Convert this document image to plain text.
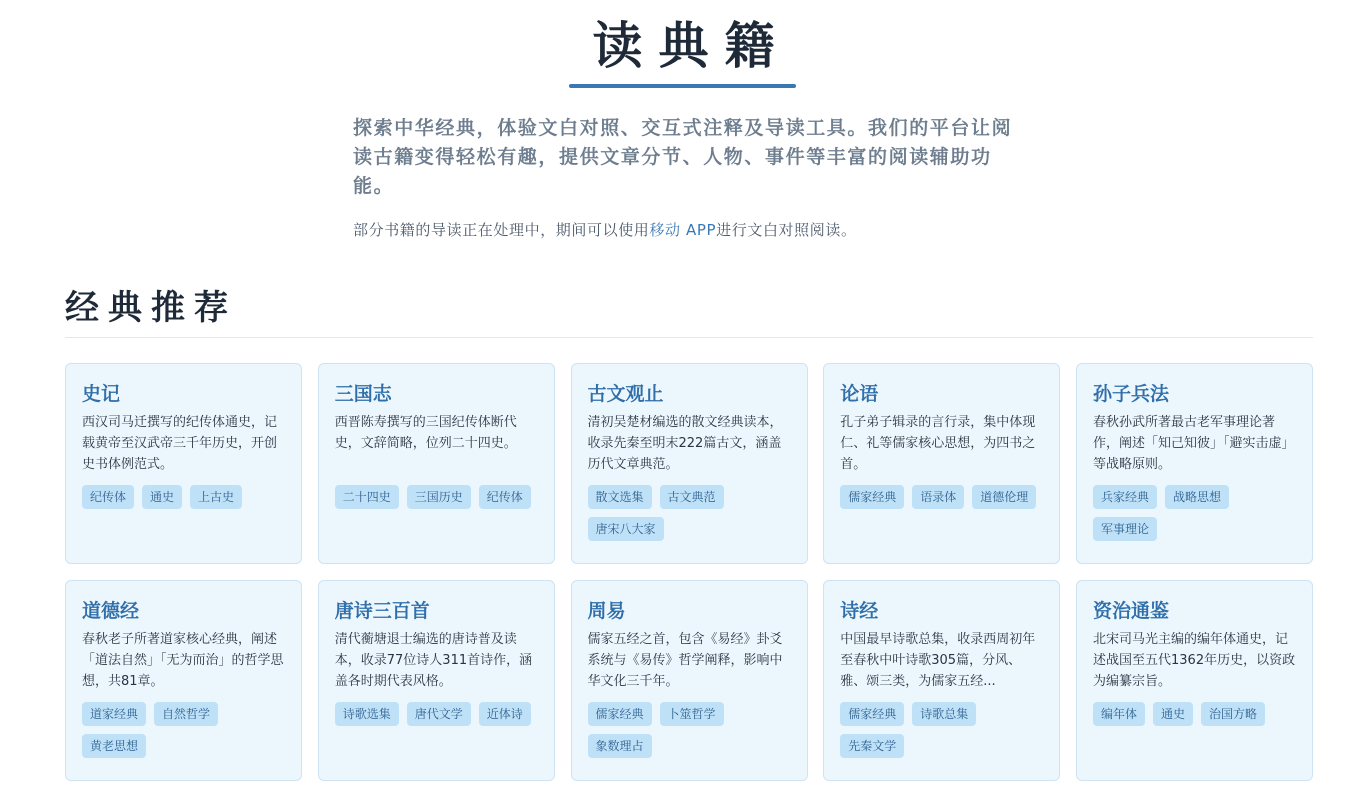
读典籍

探索中华经典，体验文白对照、交互式注释及导读工具。我们的平台让阅读古籍变得轻松有趣，提供文章分节、人物、事件等丰富的阅读辅助功能。

部分书籍的导读正在处理中，期间可以使用移动 APP进行文白对照阅读。

经典推荐
史记
西汉司马迁撰写的纪传体通史，记载黄帝至汉武帝三千年历史，开创史书体例范式。
纪传体	通史	上古史
三国志
西晋陈寿撰写的三国纪传体断代史，文辞简略，位列二十四史。
二十四史	三国历史	纪传体
古文观止
清初吴楚材编选的散文经典读本，收录先秦至明末222篇古文，涵盖历代文章典范。
散文选集	古文典范
唐宋八大家
论语
孔子弟子辑录的言行录，集中体现仁、礼等儒家核心思想，为四书之首。
儒家经典	语录体	道德伦理
孙子兵法
春秋孙武所著最古老军事理论著作，阐述「知己知彼」「避实击虚」等战略原则。
兵家经典	战略思想
军事理论
道德经
春秋老子所著道家核心经典，阐述「道法自然」「无为而治」的哲学思想，共81章。
道家经典	自然哲学
黄老思想
唐诗三百首
清代蘅塘退士编选的唐诗普及读本，收录77位诗人311首诗作，涵盖各时期代表风格。
诗歌选集	唐代文学	近体诗
周易
儒家五经之首，包含《易经》卦爻系统与《易传》哲学阐释，影响中华文化三千年。
儒家经典	卜筮哲学
象数理占
诗经
中国最早诗歌总集，收录西周初年至春秋中叶诗歌305篇，分风、雅、颂三类，为儒家五经...
儒家经典	诗歌总集
先秦文学
资治通鉴
北宋司马光主编的编年体通史，记述战国至五代1362年历史，以资政为编纂宗旨。
编年体	通史	治国方略
